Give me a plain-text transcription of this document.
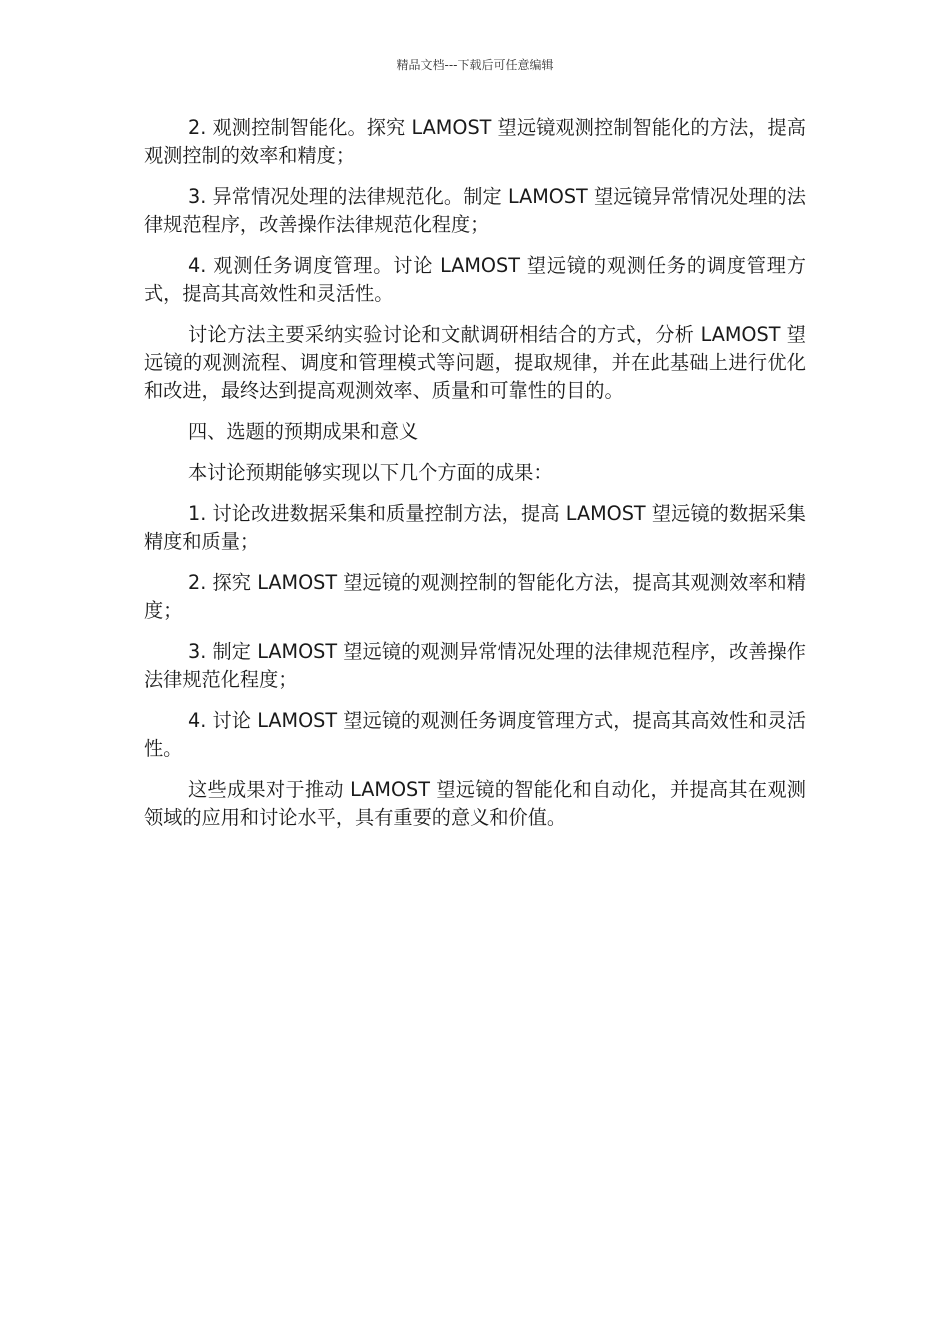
精品文档---下载后可任意编辑

2. 观测控制智能化。探究 LAMOST 望远镜观测控制智能化的方法，提高观测控制的效率和精度；

3. 异常情况处理的法律规范化。制定 LAMOST 望远镜异常情况处理的法律规范程序，改善操作法律规范化程度；

4. 观测任务调度管理。讨论 LAMOST 望远镜的观测任务的调度管理方式，提高其高效性和灵活性。

讨论方法主要采纳实验讨论和文献调研相结合的方式，分析 LAMOST 望远镜的观测流程、调度和管理模式等问题，提取规律，并在此基础上进行优化和改进，最终达到提高观测效率、质量和可靠性的目的。

四、选题的预期成果和意义

本讨论预期能够实现以下几个方面的成果：

1. 讨论改进数据采集和质量控制方法，提高 LAMOST 望远镜的数据采集精度和质量；

2. 探究 LAMOST 望远镜的观测控制的智能化方法，提高其观测效率和精度；

3. 制定 LAMOST 望远镜的观测异常情况处理的法律规范程序，改善操作法律规范化程度；

4. 讨论 LAMOST 望远镜的观测任务调度管理方式，提高其高效性和灵活性。

这些成果对于推动 LAMOST 望远镜的智能化和自动化，并提高其在观测领域的应用和讨论水平，具有重要的意义和价值。
